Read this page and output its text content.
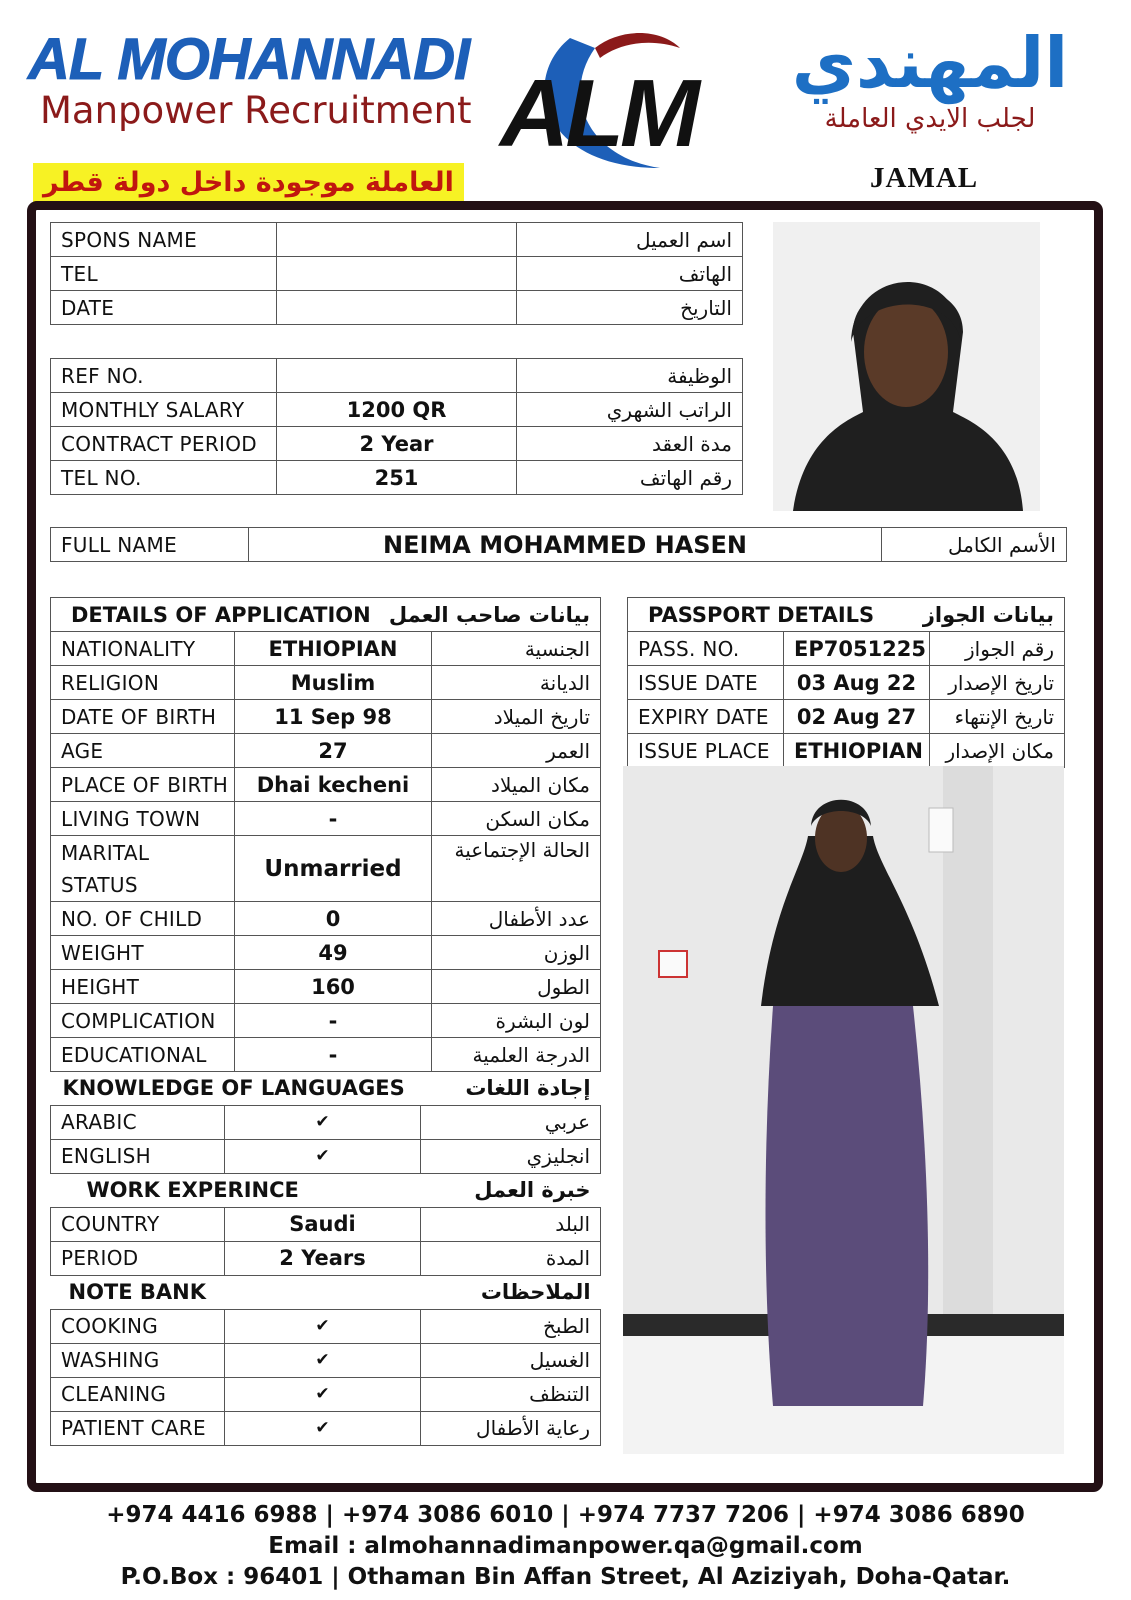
AL MOHANNADI
Manpower Recruitment ALM	المهندي
لجلب الايدي العاملة
العاملة موجودة داخل دولة قطر	JAMAL
SPONS NAME		اسم العميل
TEL		الهاتف
DATE		التاريخ
REF NO.		الوظيفة
MONTHLY SALARY	1200 QR	الراتب الشهري
CONTRACT PERIOD	2 Year	مدة العقد
TEL NO.	251	رقم الهاتف
FULL NAME	NEIMA MOHAMMED HASEN	الأسم الكامل
DETAILS OF APPLICATION		بيانات صاحب العمل
NATIONALITY	ETHIOPIAN	الجنسية
RELIGION	Muslim	الديانة
DATE OF BIRTH	11 Sep 98	تاريخ الميلاد
AGE	27	العمر
PLACE OF BIRTH	Dhai kecheni	مكان الميلاد
LIVING TOWN	-	مكان السكن

MARITAL
STATUS	Unmarried	الحالة الإجتماعية
NO. OF CHILD	0	عدد الأطفال
WEIGHT	49	الوزن
HEIGHT	160	الطول
COMPLICATION	-	لون البشرة
EDUCATIONAL	-	الدرجة العلمية
KNOWLEDGE OF LANGUAGES		إجادة اللغات
ARABIC	✔	عربي
ENGLISH	✔	انجليزي
WORK EXPERINCE		خبرة العمل
COUNTRY	Saudi	البلد
PERIOD	2 Years	المدة
NOTE BANK		الملاحظات
COOKING	✔	الطبخ
WASHING	✔	الغسيل
CLEANING	✔	التنظف
PATIENT CARE	✔	رعاية الأطفال
PASSPORT DETAILS		بيانات الجواز
PASS. NO.	EP7051225	رقم الجواز
ISSUE DATE	03 Aug 22	تاريخ الإصدار
EXPIRY DATE	02 Aug 27	تاريخ الإنتهاء
ISSUE PLACE	ETHIOPIAN	مكان الإصدار
+974 4416 6988 | +974 3086 6010 | +974 7737 7206 | +974 3086 6890
Email : almohannadimanpower.qa@gmail.com
P.O.Box : 96401 | Othaman Bin Affan Street, Al Aziziyah, Doha-Qatar.
